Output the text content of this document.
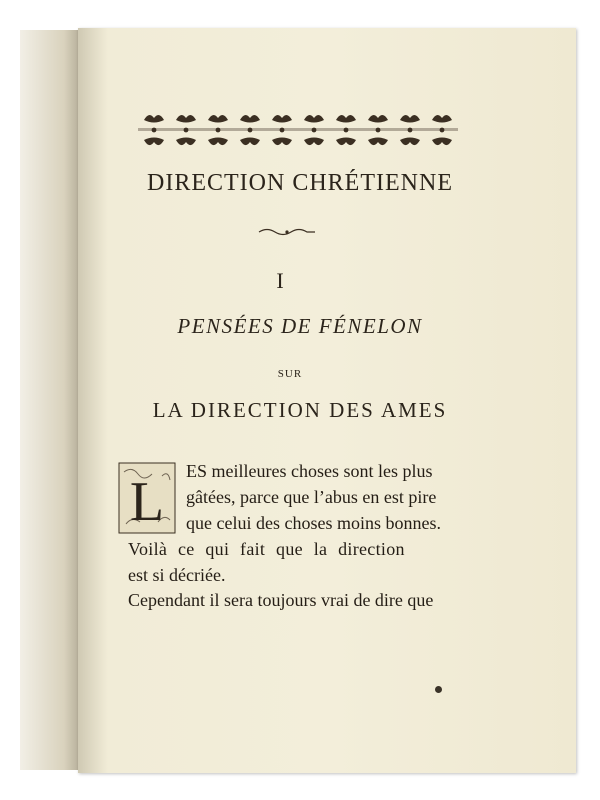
DIRECTION CHRÉTIENNE
I
PENSÉES DE FÉNELON
SUR
LA DIRECTION DES AMES
L ES meilleures choses sont les plus
gâtées, parce que l’abus en est pire
que celui des choses moins bonnes.
Voilà ce qui fait que la direction
est si décriée.
Cependant il sera toujours vrai de dire que
